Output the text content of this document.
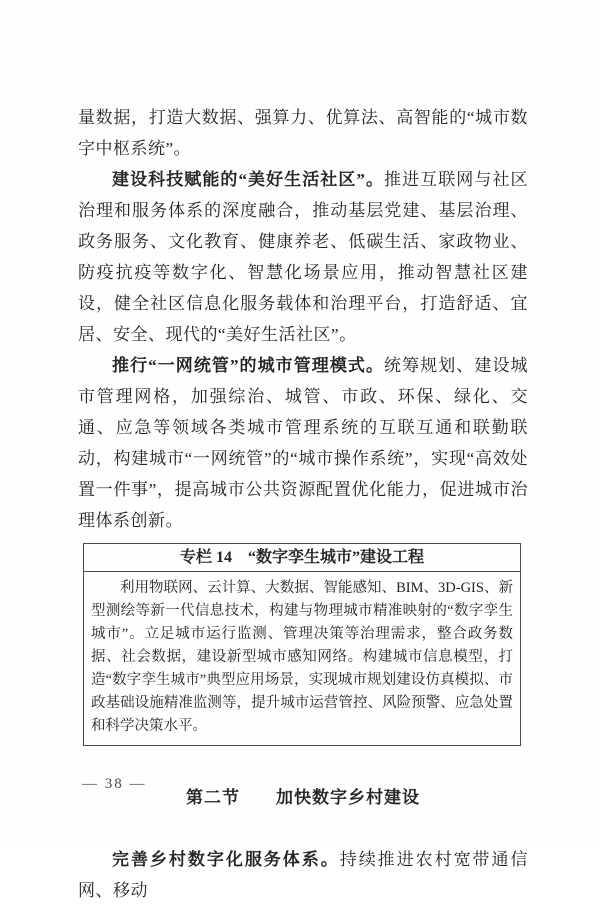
量数据，打造大数据、强算力、优算法、高智能的“城市数字中枢系统”。

建设科技赋能的“美好生活社区”。推进互联网与社区治理和服务体系的深度融合，推动基层党建、基层治理、政务服务、文化教育、健康养老、低碳生活、家政物业、防疫抗疫等数字化、智慧化场景应用，推动智慧社区建设，健全社区信息化服务载体和治理平台，打造舒适、宜居、安全、现代的“美好生活社区”。

推行“一网统管”的城市管理模式。统筹规划、建设城市管理网格，加强综治、城管、市政、环保、绿化、交通、应急等领域各类城市管理系统的互联互通和联勤联动，构建城市“一网统管”的“城市操作系统”，实现“高效处置一件事”，提高城市公共资源配置优化能力，促进城市治理体系创新。

专栏 14　“数字孪生城市”建设工程
利用物联网、云计算、大数据、智能感知、BIM、3D-GIS、新型测绘等新一代信息技术，构建与物理城市精准映射的“数字孪生城市”。立足城市运行监测、管理决策等治理需求，整合政务数据、社会数据，建设新型城市感知网络。构建城市信息模型，打造“数字孪生城市”典型应用场景，实现城市规划建设仿真模拟、市政基础设施精准监测等，提升城市运营管控、风险预警、应急处置和科学决策水平。
第二节　　加快数字乡村建设

完善乡村数字化服务体系。持续推进农村宽带通信网、移动

— 38 —
